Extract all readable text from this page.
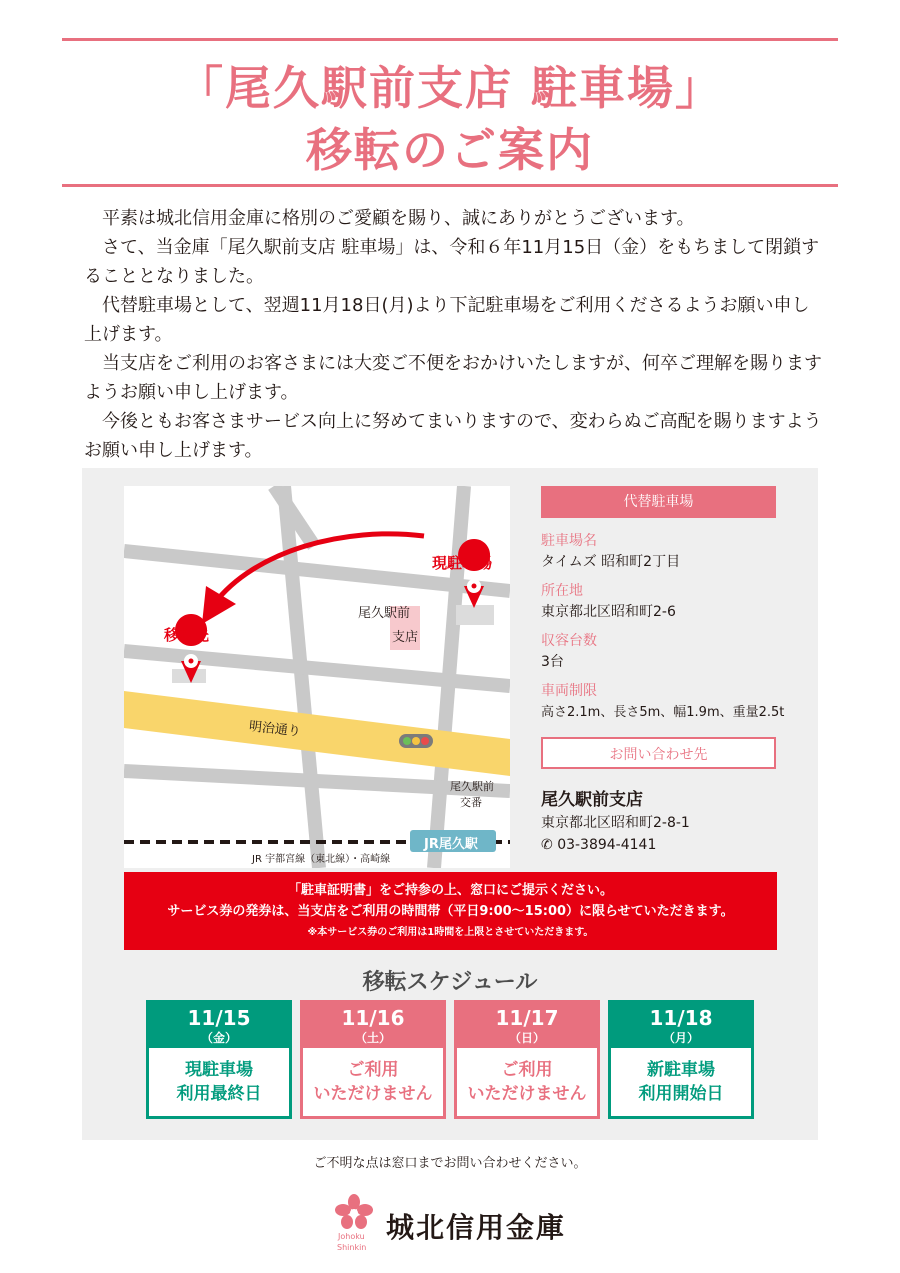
「尾久駅前支店 駐車場」
移転のご案内

平素は城北信用金庫に格別のご愛顧を賜り、誠にありがとうございます。

さて、当金庫「尾久駅前支店 駐車場」は、令和６年11月15日（金）をもちまして閉鎖することとなりました。

代替駐車場として、翌週11月18日(月)より下記駐車場をご利用くださるようお願い申し上げます。

当支店をご利用のお客さまには大変ご不便をおかけいたしますが、何卒ご理解を賜りますようお願い申し上げます。

今後ともお客さまサービス向上に努めてまいりますので、変わらぬご高配を賜りますようお願い申し上げます。

現駐車場
移転先
尾久駅前
支店
明治通り
尾久駅前
交番
JR尾久駅
JR 宇都宮線（東北線）・高崎線
代替駐車場
駐車場名
タイムズ 昭和町2丁目
所在地
東京都北区昭和町2-6
収容台数
3台
車両制限
高さ2.1m、長さ5m、幅1.9m、重量2.5t
お問い合わせ先
尾久駅前支店
東京都北区昭和町2-8-1
✆ 03-3894-4141
「駐車証明書」をご持参の上、窓口にご提示ください。
サービス券の発券は、当支店をご利用の時間帯（平日9:00～15:00）に限らせていただきます。
※本サービス券のご利用は1時間を上限とさせていただきます。
移転スケジュール
11/15
（金）
現駐車場
利用最終日
11/16
（土）
ご利用
いただけません
11/17
（日）
ご利用
いただけません
11/18
（月）
新駐車場
利用開始日
ご不明な点は窓口までお問い合わせください。
Johoku
Shinkin
城北信用金庫
